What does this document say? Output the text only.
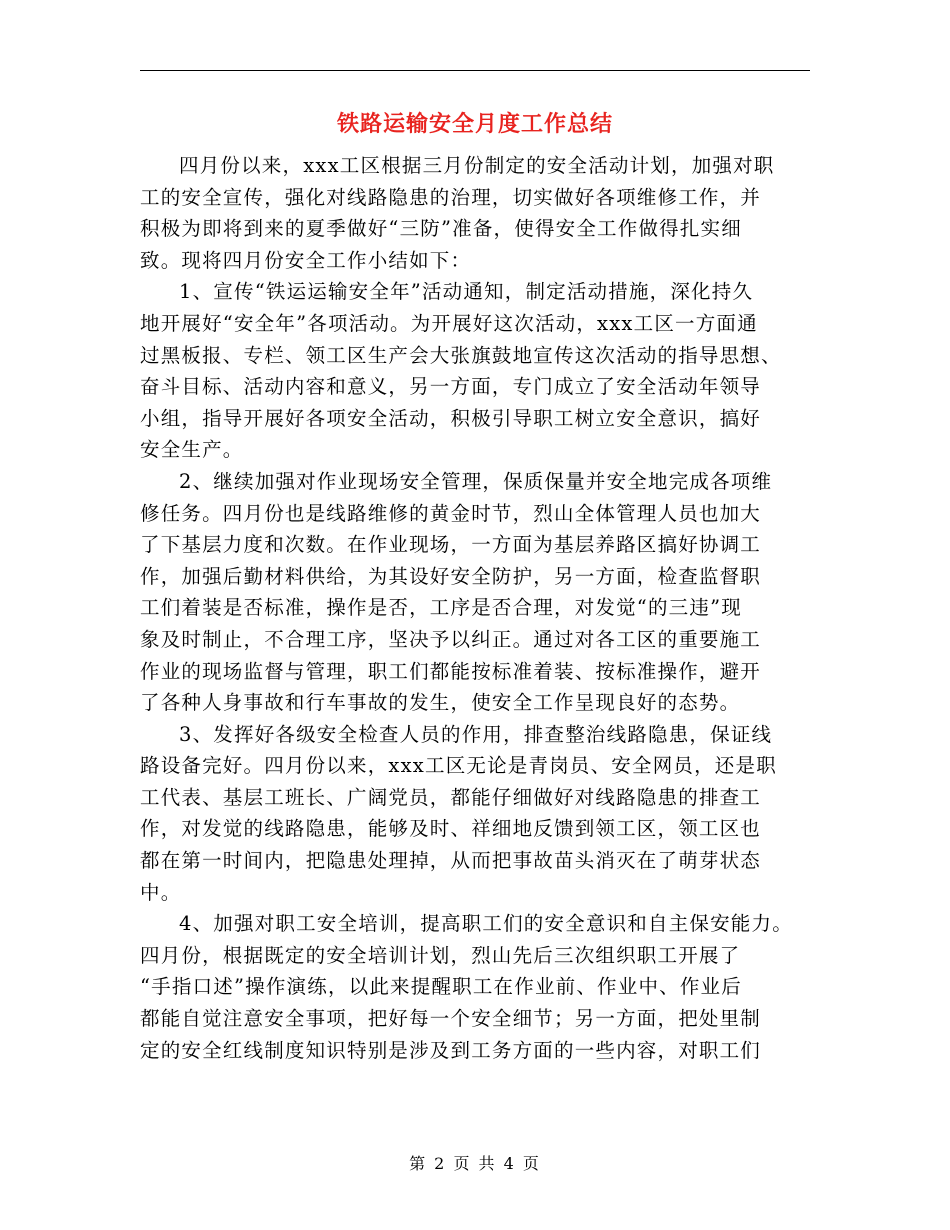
铁路运输安全月度工作总结

四月份以来，xxx工区根据三月份制定的安全活动计划，加强对职
工的安全宣传，强化对线路隐患的治理，切实做好各项维修工作，并
积极为即将到来的夏季做好“三防”准备，使得安全工作做得扎实细
致。现将四月份安全工作小结如下：

1、宣传“铁运运输安全年”活动通知，制定活动措施，深化持久
地开展好“安全年”各项活动。为开展好这次活动，xxx工区一方面通
过黑板报、专栏、领工区生产会大张旗鼓地宣传这次活动的指导思想、
奋斗目标、活动内容和意义，另一方面，专门成立了安全活动年领导
小组，指导开展好各项安全活动，积极引导职工树立安全意识，搞好
安全生产。

2、继续加强对作业现场安全管理，保质保量并安全地完成各项维
修任务。四月份也是线路维修的黄金时节，烈山全体管理人员也加大
了下基层力度和次数。在作业现场，一方面为基层养路区搞好协调工
作，加强后勤材料供给，为其设好安全防护，另一方面，检查监督职
工们着装是否标准，操作是否，工序是否合理，对发觉“的三违”现
象及时制止，不合理工序，坚决予以纠正。通过对各工区的重要施工
作业的现场监督与管理，职工们都能按标准着装、按标准操作，避开
了各种人身事故和行车事故的发生，使安全工作呈现良好的态势。

3、发挥好各级安全检查人员的作用，排查整治线路隐患，保证线
路设备完好。四月份以来，xxx工区无论是青岗员、安全网员，还是职
工代表、基层工班长、广阔党员，都能仔细做好对线路隐患的排查工
作，对发觉的线路隐患，能够及时、祥细地反馈到领工区，领工区也
都在第一时间内，把隐患处理掉，从而把事故苗头消灭在了萌芽状态
中。

4、加强对职工安全培训，提高职工们的安全意识和自主保安能力。
四月份，根据既定的安全培训计划，烈山先后三次组织职工开展了
“手指口述”操作演练，以此来提醒职工在作业前、作业中、作业后
都能自觉注意安全事项，把好每一个安全细节；另一方面，把处里制
定的安全红线制度知识特别是涉及到工务方面的一些内容，对职工们

第 2 页 共 4 页
